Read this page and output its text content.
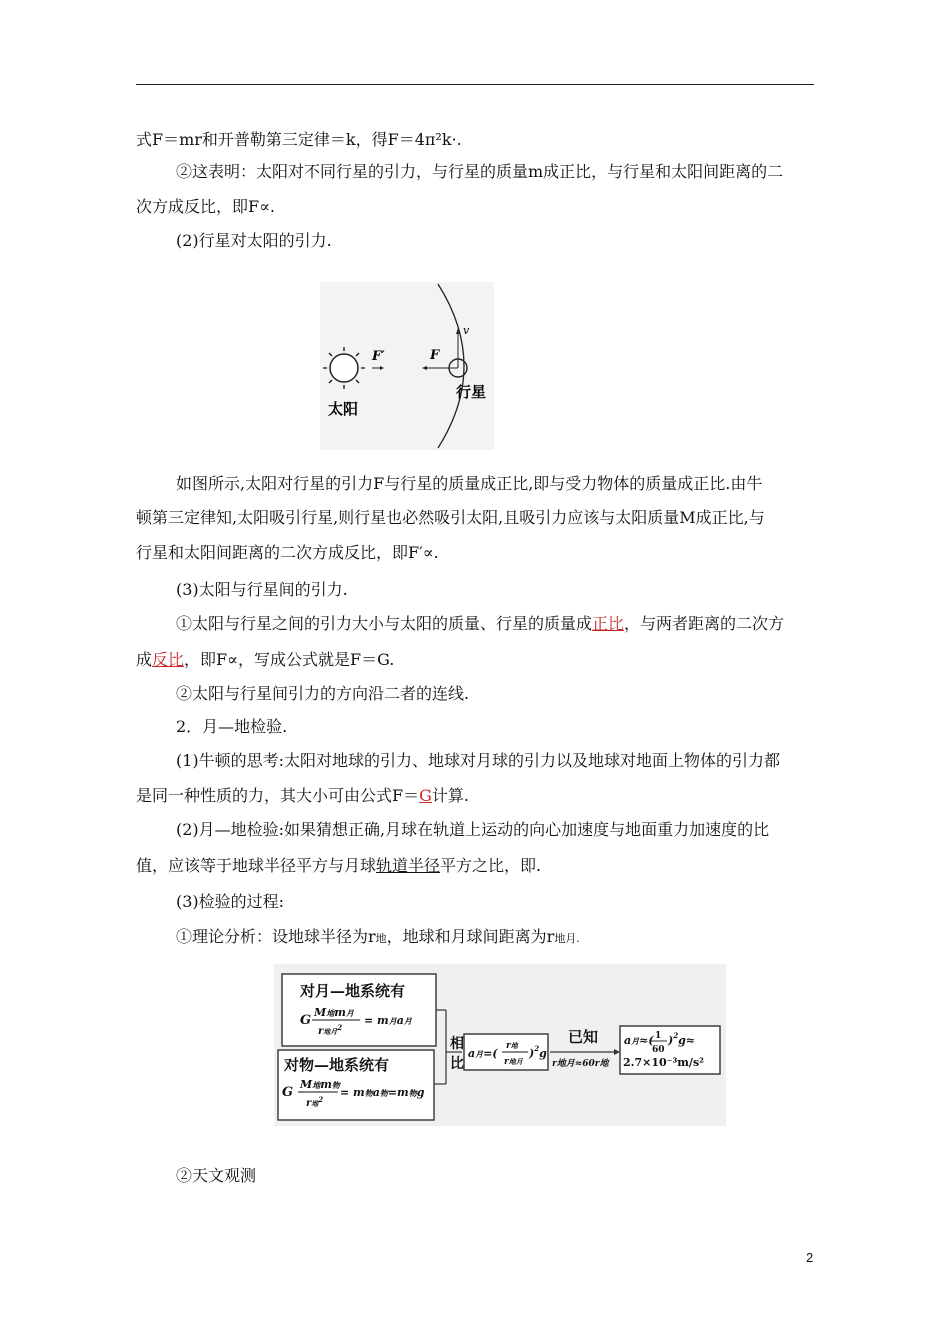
式F＝mr和开普勒第三定律＝k，得F＝4π²k·.
②这表明：太阳对不同行星的引力，与行星的质量m成正比，与行星和太阳间距离的二
次方成反比，即F∝.
(2)行星对太阳的引力.
F′	F
v
太阳
行星
如图所示,太阳对行星的引力F与行星的质量成正比,即与受力物体的质量成正比.由牛
顿第三定律知,太阳吸引行星,则行星也必然吸引太阳,且吸引力应该与太阳质量M成正比,与
行星和太阳间距离的二次方成反比，即F′∝.
(3)太阳与行星间的引力.
①太阳与行星之间的引力大小与太阳的质量、行星的质量成正比，与两者距离的二次方
成反比，即F∝，写成公式就是F＝G.
②太阳与行星间引力的方向沿二者的连线.
2．月—地检验.
(1)牛顿的思考:太阳对地球的引力、地球对月球的引力以及地球对地面上物体的引力都
是同一种性质的力，其大小可由公式F＝G计算.
(2)月—地检验:如果猜想正确,月球在轨道上运动的向心加速度与地面重力加速度的比
值，应该等于地球半径平方与月球轨道半径平方之比，即.
(3)检验的过程:
①理论分析：设地球半径为r地，地球和月球间距离为r地月.
对月—地系统有
G
M地m月
r地月$^2$
= m月a月
对物—地系统有
G
M地m物
r地$^2$
= m物a物=m物g
相比
a月=(
r地
r地月
)$^2$g
已知
r地月≈60r地
a月≈( 1
60
)$^2$g≈
2.7×10⁻³m/s²
②天文观测
2
